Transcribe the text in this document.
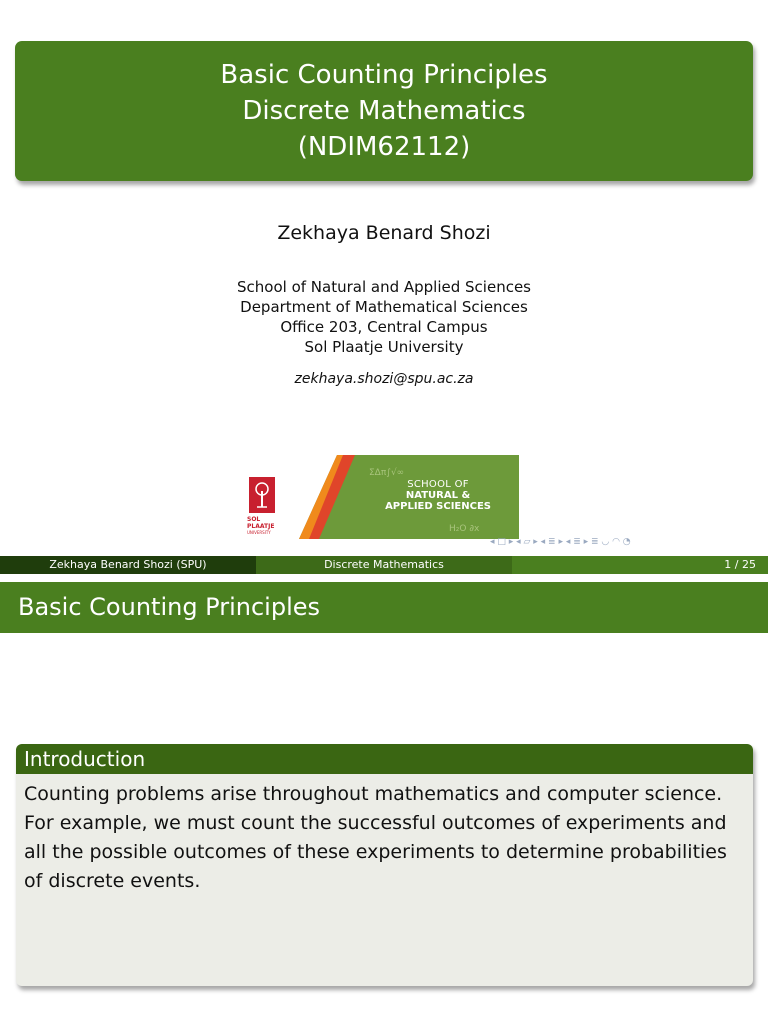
Basic Counting Principles
Discrete Mathematics
(NDIM62112)
Zekhaya Benard Shozi
School of Natural and Applied Sciences
Department of Mathematical Sciences
Office 203, Central Campus
Sol Plaatje University
zekhaya.shozi@spu.ac.za
SOL PLAATJE
UNIVERSITY
ΣΔπ∫√∞
H₂O ∂x
SCHOOL OF
NATURAL &
APPLIED SCIENCES
◂ □ ▸ ◂ ▱ ▸ ◂ ≣ ▸ ◂ ≣ ▸ ≣ ◡ ◠ ◔
Zekhaya Benard Shozi (SPU)	Discrete Mathematics	1 / 25
Basic Counting Principles
Introduction
Counting problems arise throughout mathematics and computer science.
For example, we must count the successful outcomes of experiments and
all the possible outcomes of these experiments to determine probabilities
of discrete events.
